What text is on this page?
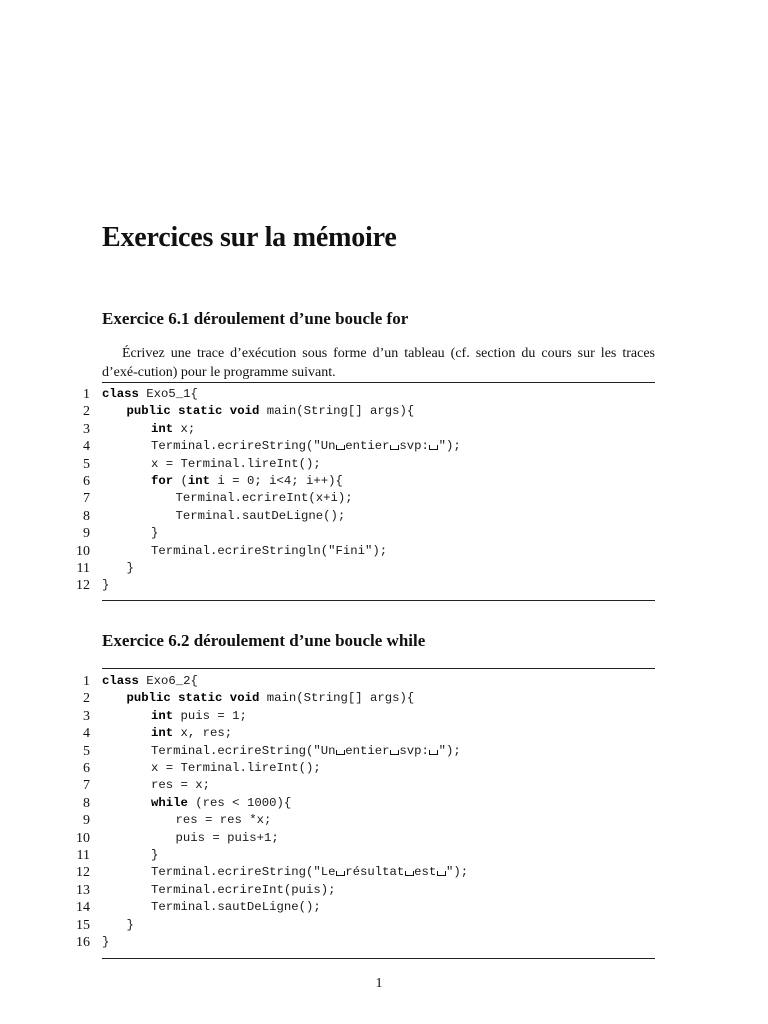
Exercices sur la mémoire
Exercice 6.1 déroulement d’une boucle for
Écrivez une trace d’exécution sous forme d’un tableau (cf. section du cours sur les traces d’exé-cution) pour le programme suivant.
1 class Exo5_1{
2	public static void main(String[] args){
3	int x;
4	Terminal.ecrireString("Un entier svp: ");
5	x = Terminal.lireInt();
6	for (int i = 0; i<4; i++){
7	Terminal.ecrireInt(x+i);
8	Terminal.sautDeLigne();
9	}
10	Terminal.ecrireStringln("Fini");
11	}
12 }
Exercice 6.2 déroulement d’une boucle while
1 class Exo6_2{
2	public static void main(String[] args){
3	int puis = 1;
4	int x, res;
5	Terminal.ecrireString("Un entier svp: ");
6	x = Terminal.lireInt();
7	res = x;
8	while (res < 1000){
9	res = res *x;
10	puis = puis+1;
11	}
12	Terminal.ecrireString("Le résultat est ");
13	Terminal.ecrireInt(puis);
14	Terminal.sautDeLigne();
15	}
16 }
1
